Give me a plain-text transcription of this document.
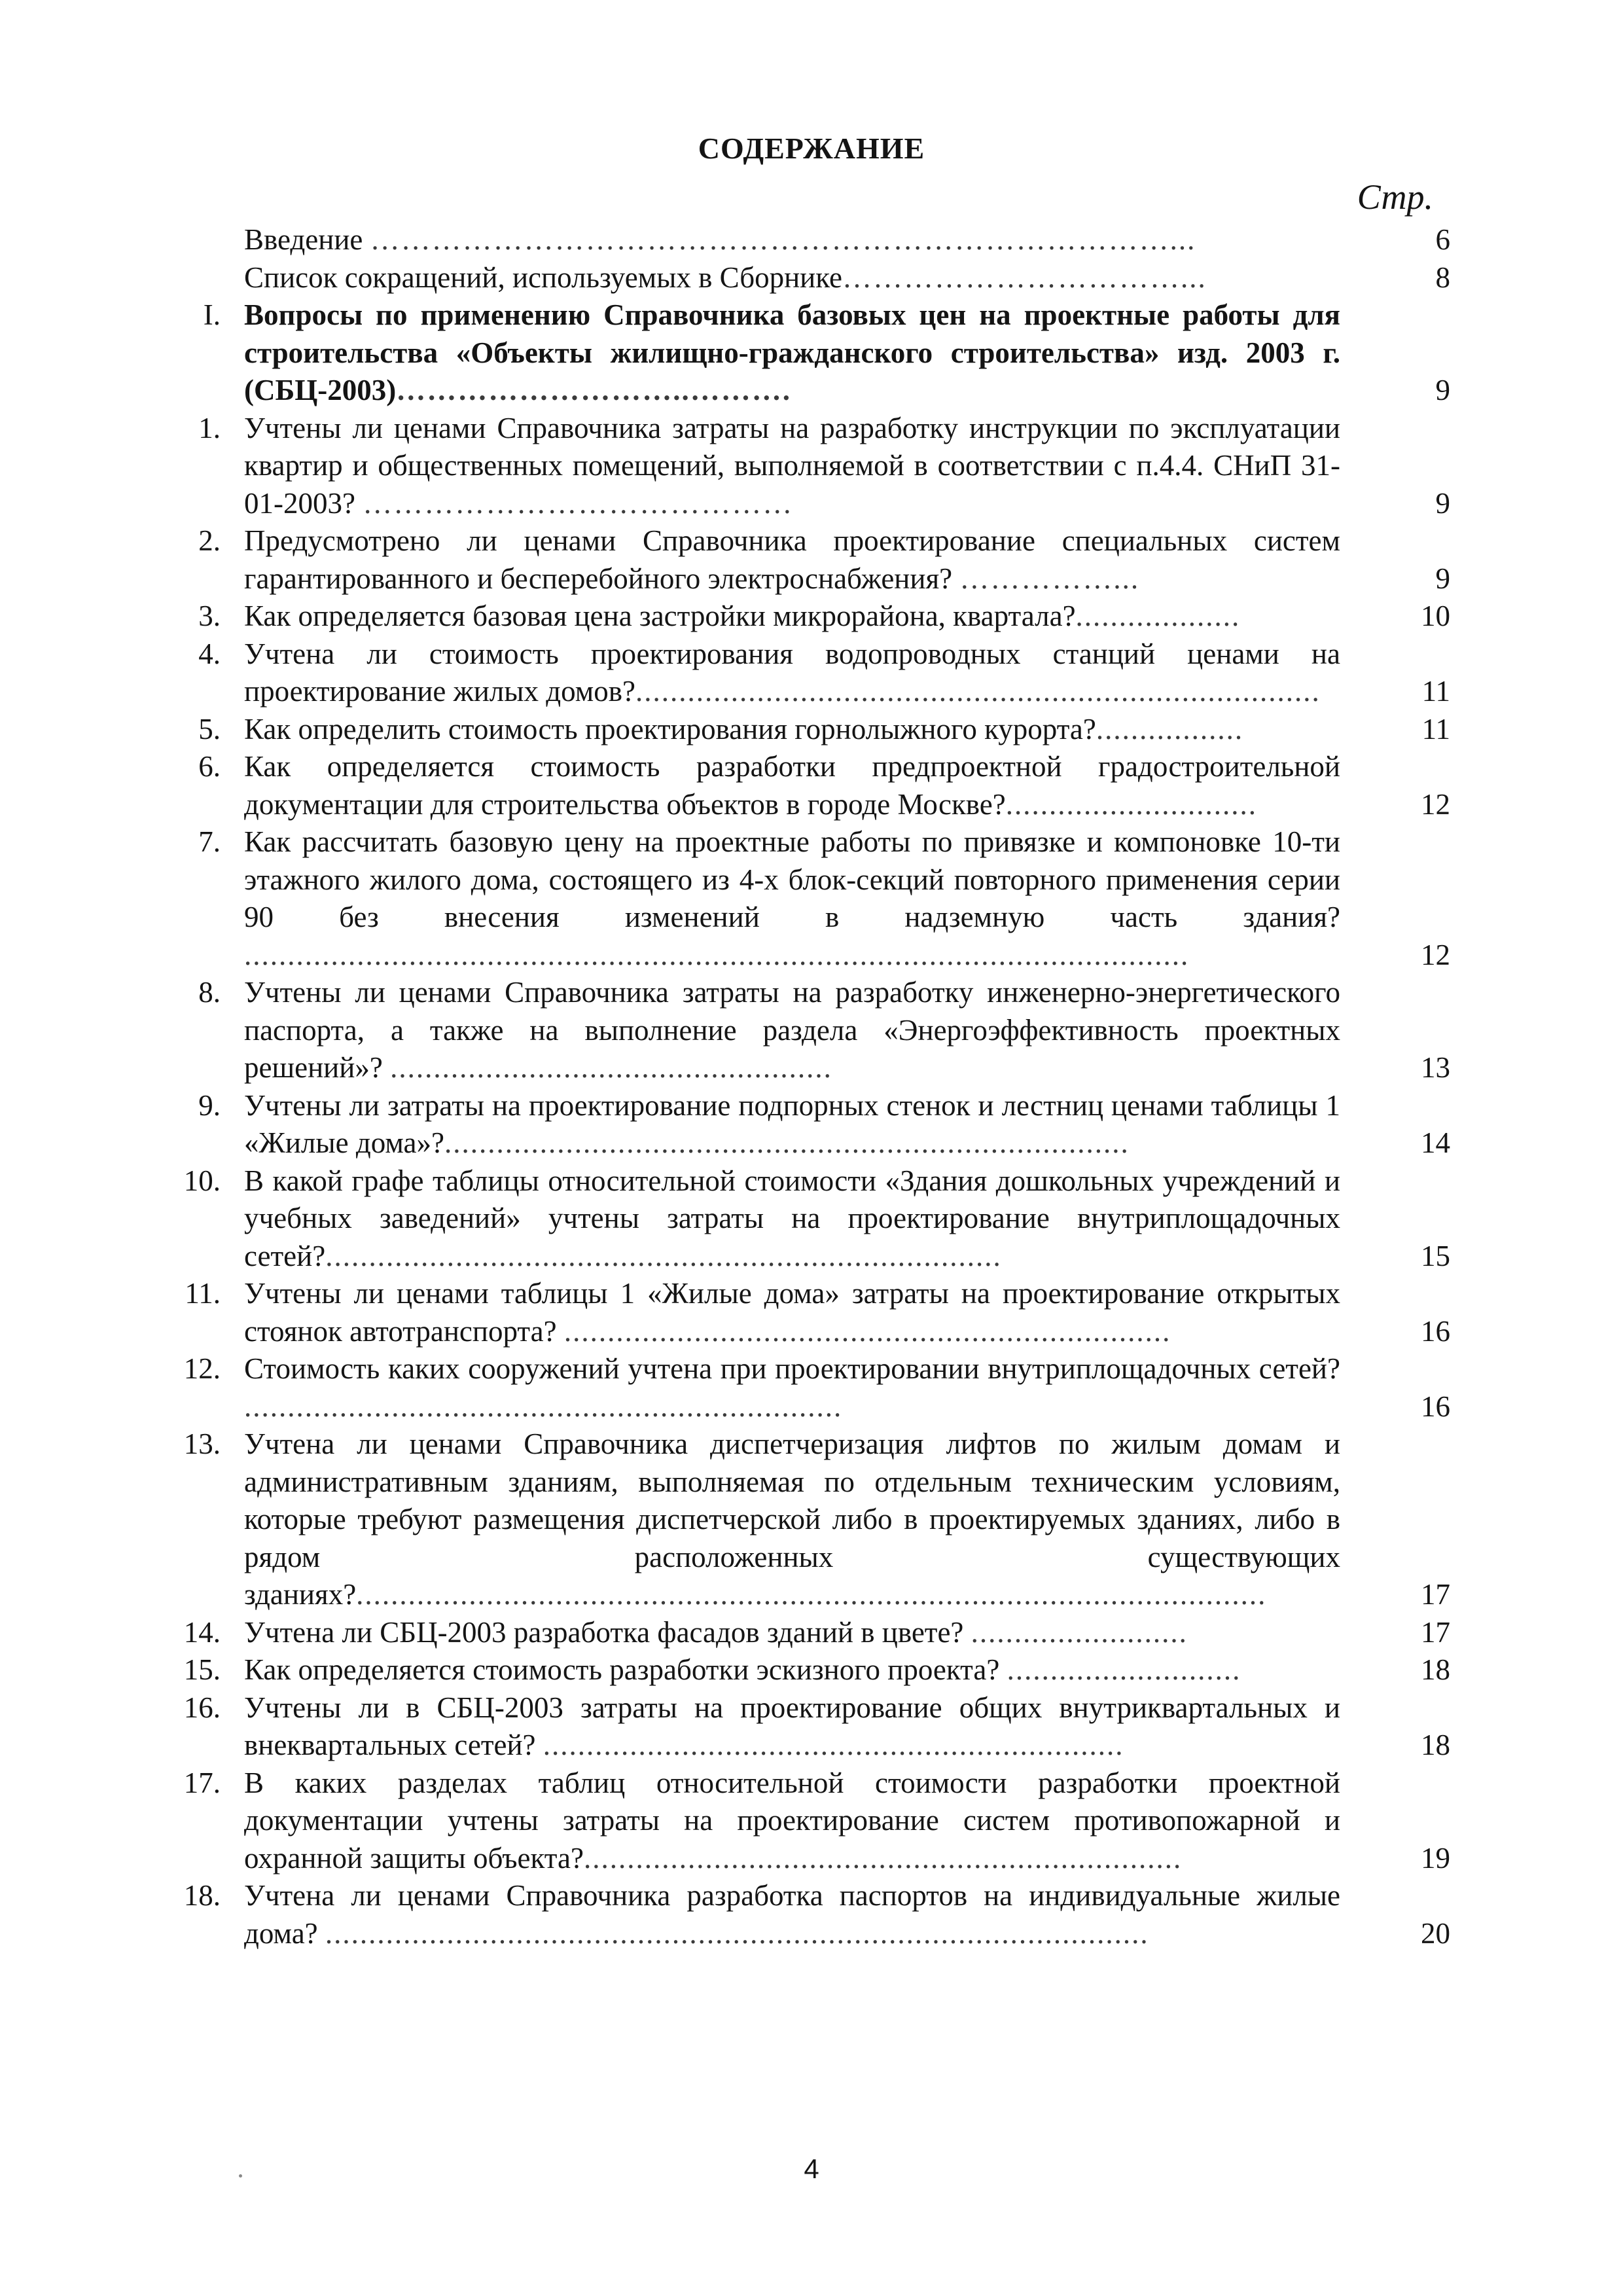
СОДЕРЖАНИЕ
Стр.
Введение ……………………………………………………………………...	6
Список сокращений, используемых в Сборнике……………………………...	8
I. Вопросы по применению Справочника базовых цен на проектные работы для строительства «Объекты жилищно-гражданского строительства» изд. 2003 г. (СБЦ-2003)………………………..……….	9
1. Учтены ли ценами Справочника затраты на разработку инструкции по эксплуатации квартир и общественных помещений, выполняемой в соответствии с п.4.4. СНиП 31-01-2003? ……………………………………	9
2. Предусмотрено ли ценами Справочника проектирование специальных систем гарантированного и бесперебойного электроснабжения? ……………...	9
3. Как определяется базовая цена застройки микрорайона, квартала?...................	10
4. Учтена ли стоимость проектирования водопроводных станций ценами на проектирование жилых домов?...............................................................................	11
5. Как определить стоимость проектирования горнолыжного курорта?.................	11
6. Как определяется стоимость разработки предпроектной градостроительной документации для строительства объектов в городе Москве?.............................	12
7. Как рассчитать базовую цену на проектные работы по привязке и компоновке 10-ти этажного жилого дома, состоящего из 4-х блок-секций повторного применения серии 90 без внесения изменений в надземную часть здания? .............................................................................................................	12
8. Учтены ли ценами Справочника затраты на разработку инженерно-энергетического паспорта, а также на выполнение раздела «Энергоэффективность проектных решений»? ...................................................	13
9. Учтены ли затраты на проектирование подпорных стенок и лестниц ценами таблицы 1 «Жилые дома»?...............................................................................	14
10. В какой графе таблицы относительной стоимости «Здания дошкольных учреждений и учебных заведений» учтены затраты на проектирование внутриплощадочных сетей?..............................................................................	15
11. Учтены ли ценами таблицы 1 «Жилые дома» затраты на проектирование открытых стоянок автотранспорта? ......................................................................	16
12. Стоимость каких сооружений учтена при проектировании внутриплощадочных сетей? .....................................................................	16
13. Учтена ли ценами Справочника диспетчеризация лифтов по жилым домам и административным зданиям, выполняемая по отдельным техническим условиям, которые требуют размещения диспетчерской либо в проектируемых зданиях, либо в рядом расположенных существующих зданиях?.........................................................................................................	17
14. Учтена ли СБЦ-2003 разработка фасадов зданий в цвете? .........................	17
15. Как определяется стоимость разработки эскизного проекта? ...........................	18
16. Учтены ли в СБЦ-2003 затраты на проектирование общих внутриквартальных и внеквартальных сетей? ...................................................................	18
17. В каких разделах таблиц относительной стоимости разработки проектной документации учтены затраты на проектирование систем противопожарной и охранной защиты объекта?.....................................................................	19
18. Учтена ли ценами Справочника разработка паспортов на индивидуальные жилые дома? ...............................................................................................	20
4
